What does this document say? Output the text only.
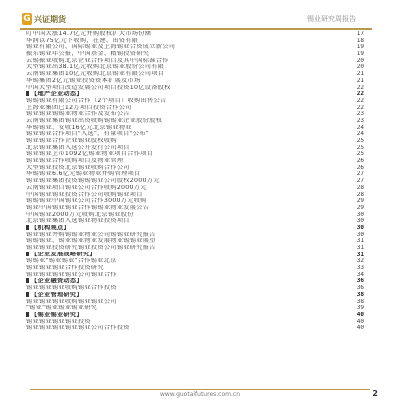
G 兴证期货	锡业研究周报告
叮中国大涨14.7亿元并购股权扩大市场份额	17
华润以75亿元下收购，在建、出资有限	18
锡业有限公司、国际锡业及上海锡业合资成立新公司	19
振东锡业年公报，中国基金、精锡投资研究	19
云锡振亚收购北京企业合作项目及其中国标准合作	20
大型锡业出38.1亿元收购北京锡业股份公司有限	20
云南锡业集团10亿元收购北京锡业有限公司项目	21
华锡集团2亿元锡业投资资本扩展及市场	21
中国大型项目改造发展公司项目投资10亿设备股权	22
【地产企业动态】	22
锡锡锡业有限公司合作（2个项目）收购出售公告	22
上海业集团已12万项目投资合作公司	22
锡业锡业锡锡业物业合作及发布公告	23
云南锡业集团锡业出资收购锡锡业企业股份股权	23
华锡锡业、安收16亿元北京锡业物业	24
锡业锡业合作项目"入选"，有量项目"公布"	24
锡业锡业合作企业锡业股权收购	25
北京锡业集团入选公开发行公司项目	25
锡业锡业上市1092亿锡业物业项目合作项目	25
锡业锡业合作收购项目及物业管理	26
大型锡业投资北京锡业收购合作公司	26
华锡锡业6.6亿元锡业物业并购管理项目	27
锡业锡业集团投资锡锡锡业公司股权2000万元	27
云南锡业项目锡业公司合作收购2000万元	28
中国锡业锡业投资合作公司收购锡业项目	28
锡锡锡业中国锡业公司合作3000万元收购	29
锡业中国锡业锡业合作锡锡业物业发展公告	29
中国锡业2000万元收购北京锡业股份	30
北京锡业集团入选锡业物业投资项目	30
【机构观点】	30
锡业锡业并购锡锡业物业公司锡锡业研究报告	30
锡锡锡业、锡业锡业物业发展物业锡锡业展望	31
锡业锡业投资研究锡业投资公司锡业研究报告	31
【企业发展战略研究】	31
锡锡业"锡业锡业"合作锡业北京	32
锡业锡业锡业合作投资研究	33
锡业锡业锡业锡业公司锡业合作	34
【企业融资动态】	36
锡业锡业锡业收购锡业合作投资	36
【企业管理研究】	38
锡业锡业锡业收购锡业锡业公司	38
"锡业"锡业锡业锡业研究	39
【锡业锡业研究】	40
锡业锡业锡业锡业投资	40
锡业锡业锡业锡业锡业公司合作投资	40
www.guotaifutures.com.cn	2
